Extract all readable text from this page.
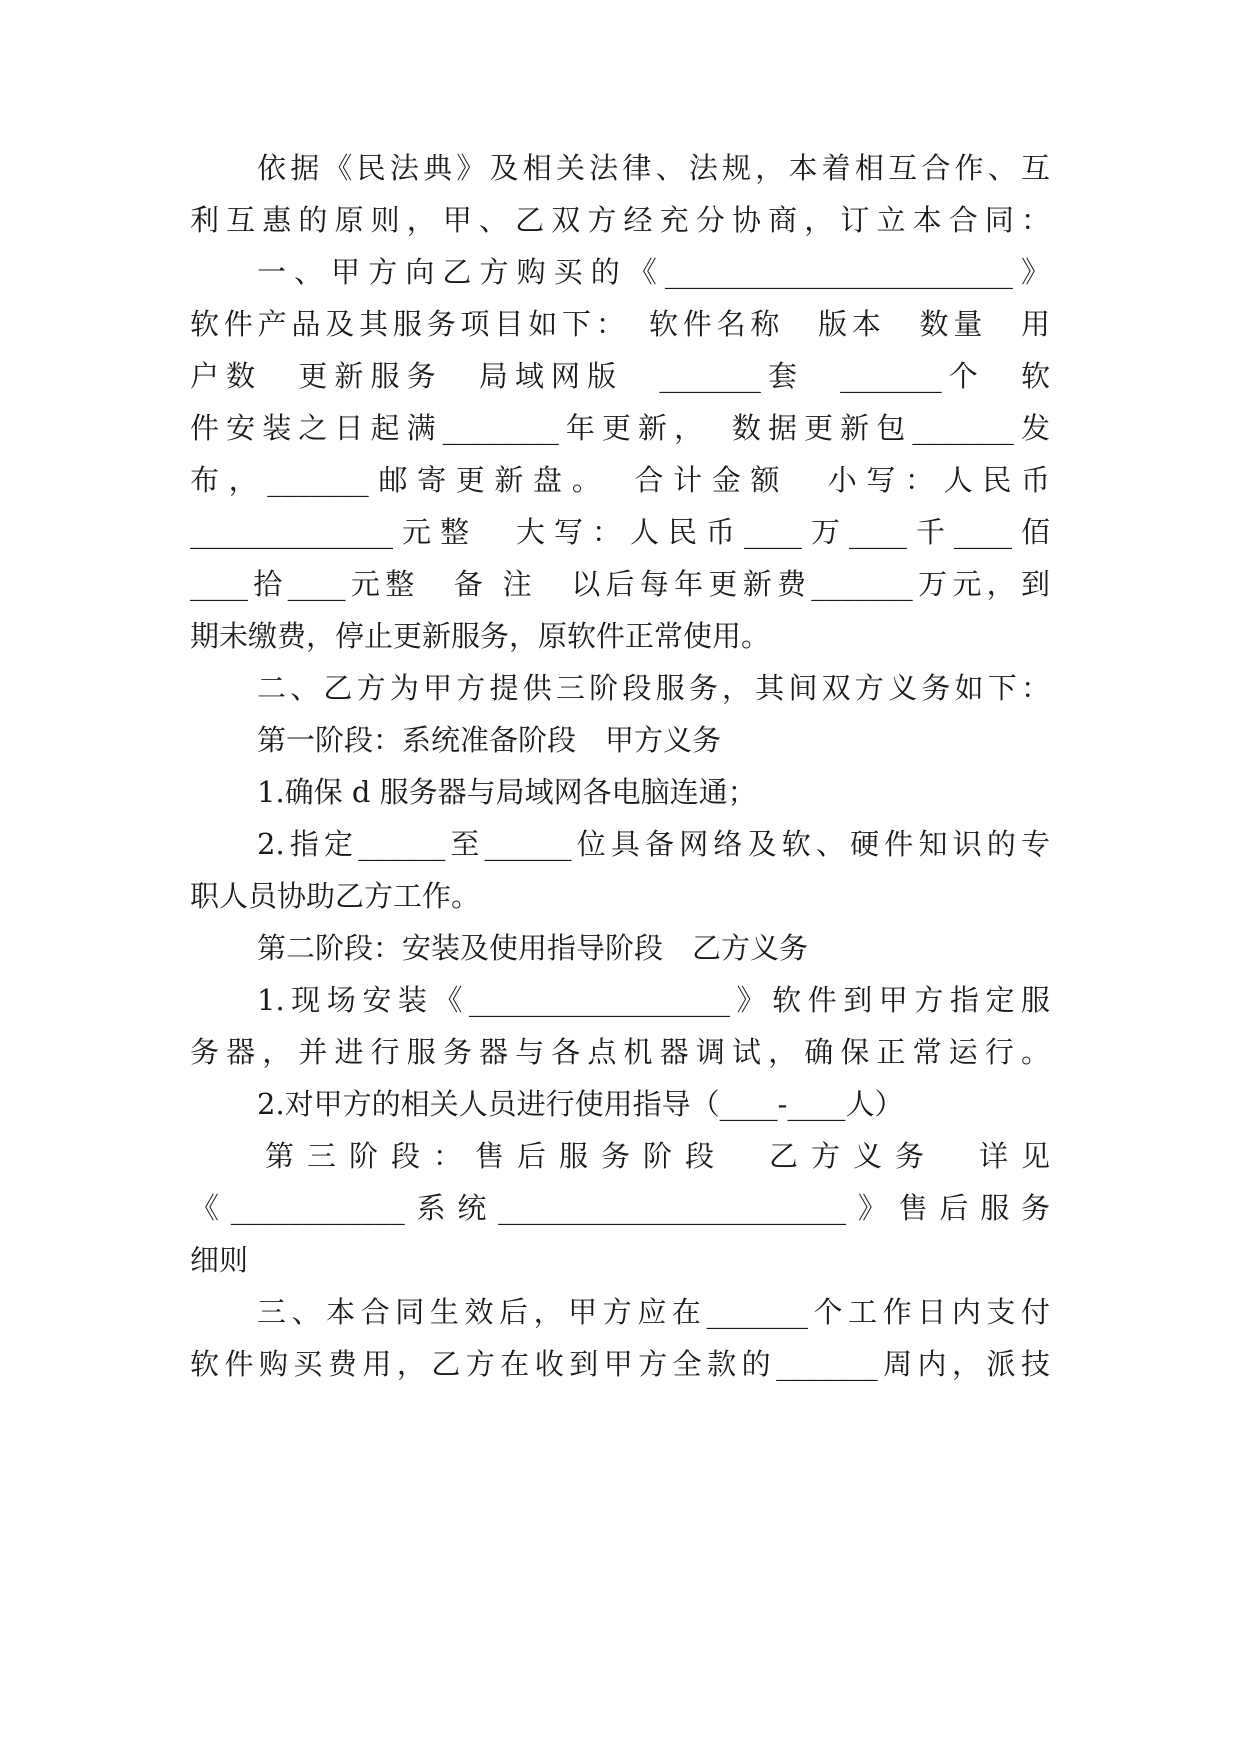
依据《民法典》及相关法律、法规，本着相互合作、互
利互惠的原则，甲、乙双方经充分协商，订立本合同：
一、甲方向乙方购买的《________________________》
软件产品及其服务项目如下：　软件名称　版本　数量　用
户数　更新服务　局域网版　_______套　_______个　软
件安装之日起满________年更新，　数据更新包_______发
布，_______邮寄更新盘。　合计金额　小写：人民币
______________元整　大写：人民币____万____千____佰
____拾____元整　备 注　以后每年更新费_______万元，到
期未缴费，停止更新服务，原软件正常使用。
二、乙方为甲方提供三阶段服务，其间双方义务如下：
第一阶段：系统准备阶段　甲方义务
1.确保 d 服务器与局域网各电脑连通；
2.指定______至______位具备网络及软、硬件知识的专
职人员协助乙方工作。
第二阶段：安装及使用指导阶段　乙方义务
1.现场安装《__________________》软件到甲方指定服
务器，并进行服务器与各点机器调试，确保正常运行。
2.对甲方的相关人员进行使用指导（____-____人）
第三阶段：售后服务阶段　乙方义务　详见
《____________系统________________________》售后服务
细则
三、本合同生效后，甲方应在_______个工作日内支付
软件购买费用，乙方在收到甲方全款的_______周内，派技
